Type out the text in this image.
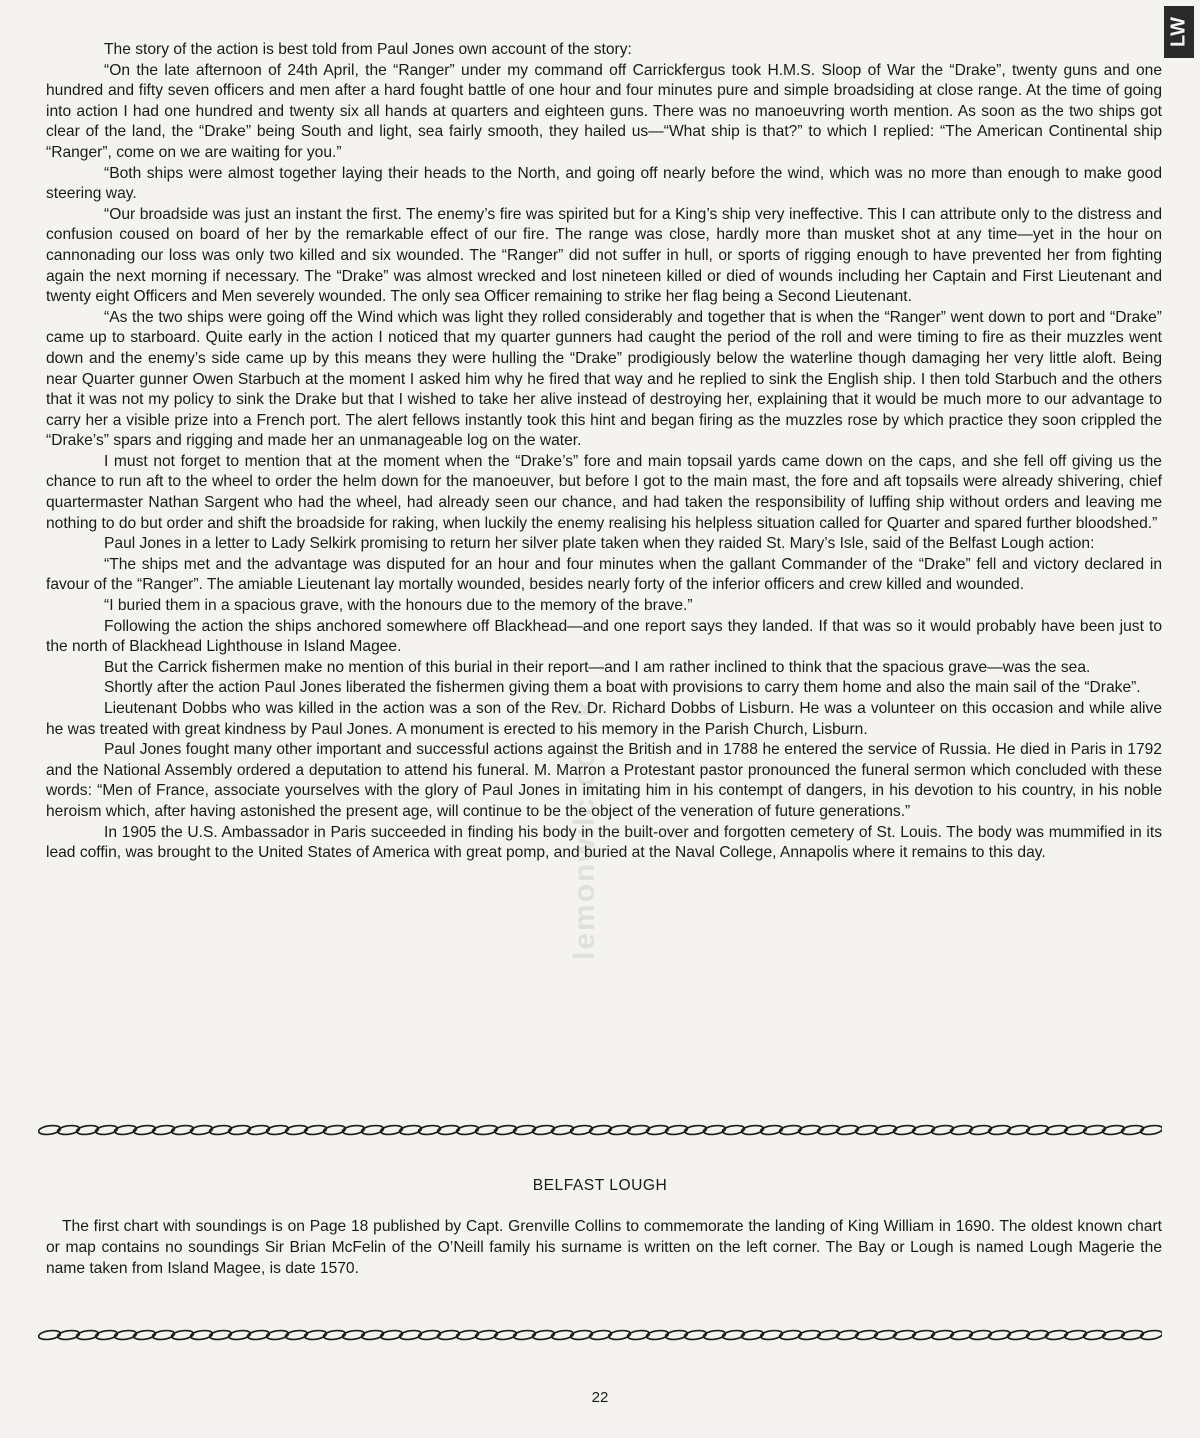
LW
lemonwilc.co.uk

The story of the action is best told from Paul Jones own account of the story:

“On the late afternoon of 24th April, the “Ranger” under my command off Carrickfergus took H.M.S. Sloop of War the “Drake”, twenty guns and one hundred and fifty seven officers and men after a hard fought battle of one hour and four minutes pure and simple broadsiding at close range. At the time of going into action I had one hundred and twenty six all hands at quarters and eighteen guns. There was no manoeuvring worth mention. As soon as the two ships got clear of the land, the “Drake” being South and light, sea fairly smooth, they hailed us—“What ship is that?” to which I replied: “The American Continental ship “Ranger”, come on we are waiting for you.”

“Both ships were almost together laying their heads to the North, and going off nearly before the wind, which was no more than enough to make good steering way.

“Our broadside was just an instant the first. The enemy’s fire was spirited but for a King’s ship very ineffective. This I can attribute only to the distress and confusion coused on board of her by the remarkable effect of our fire. The range was close, hardly more than musket shot at any time—yet in the hour on cannonading our loss was only two killed and six wounded. The “Ranger” did not suffer in hull, or sports of rigging enough to have prevented her from fighting again the next morning if necessary. The “Drake” was almost wrecked and lost nineteen killed or died of wounds including her Captain and First Lieutenant and twenty eight Officers and Men severely wounded. The only sea Officer remaining to strike her flag being a Second Lieutenant.

“As the two ships were going off the Wind which was light they rolled considerably and together that is when the “Ranger” went down to port and “Drake” came up to starboard. Quite early in the action I noticed that my quarter gunners had caught the period of the roll and were timing to fire as their muzzles went down and the enemy’s side came up by this means they were hulling the “Drake” prodigiously below the waterline though damaging her very little aloft. Being near Quarter gunner Owen Starbuch at the moment I asked him why he fired that way and he replied to sink the English ship. I then told Starbuch and the others that it was not my policy to sink the Drake but that I wished to take her alive instead of destroying her, explaining that it would be much more to our advantage to carry her a visible prize into a French port. The alert fellows instantly took this hint and began firing as the muzzles rose by which practice they soon crippled the “Drake’s” spars and rigging and made her an unmanageable log on the water.

I must not forget to mention that at the moment when the “Drake’s” fore and main topsail yards came down on the caps, and she fell off giving us the chance to run aft to the wheel to order the helm down for the manoeuver, but before I got to the main mast, the fore and aft topsails were already shivering, chief quartermaster Nathan Sargent who had the wheel, had already seen our chance, and had taken the responsibility of luffing ship without orders and leaving me nothing to do but order and shift the broadside for raking, when luckily the enemy realising his helpless situation called for Quarter and spared further bloodshed.”

Paul Jones in a letter to Lady Selkirk promising to return her silver plate taken when they raided St. Mary’s Isle, said of the Belfast Lough action:

“The ships met and the advantage was disputed for an hour and four minutes when the gallant Commander of the “Drake” fell and victory declared in favour of the “Ranger”. The amiable Lieutenant lay mortally wounded, besides nearly forty of the inferior officers and crew killed and wounded.

“I buried them in a spacious grave, with the honours due to the memory of the brave.”

Following the action the ships anchored somewhere off Blackhead—and one report says they landed. If that was so it would probably have been just to the north of Blackhead Lighthouse in Island Magee.

But the Carrick fishermen make no mention of this burial in their report—and I am rather inclined to think that the spacious grave—was the sea.

Shortly after the action Paul Jones liberated the fishermen giving them a boat with provisions to carry them home and also the main sail of the “Drake”.

Lieutenant Dobbs who was killed in the action was a son of the Rev. Dr. Richard Dobbs of Lisburn. He was a volunteer on this occasion and while alive he was treated with great kindness by Paul Jones. A monument is erected to his memory in the Parish Church, Lisburn.

Paul Jones fought many other important and successful actions against the British and in 1788 he entered the service of Russia. He died in Paris in 1792 and the National Assembly ordered a deputation to attend his funeral. M. Marron a Protestant pastor pronounced the funeral sermon which concluded with these words: “Men of France, associate yourselves with the glory of Paul Jones in imitating him in his contempt of dangers, in his devotion to his country, in his noble heroism which, after having astonished the present age, will continue to be the object of the veneration of future generations.”

In 1905 the U.S. Ambassador in Paris succeeded in finding his body in the built-over and forgotten cemetery of St. Louis. The body was mummified in its lead coffin, was brought to the United States of America with great pomp, and buried at the Naval College, Annapolis where it remains to this day.

BELFAST LOUGH

The first chart with soundings is on Page 18 published by Capt. Grenville Collins to commemorate the landing of King William in 1690. The oldest known chart or map contains no soundings Sir Brian McFelin of the O’Neill family his surname is written on the left corner. The Bay or Lough is named Lough Magerie the name taken from Island Magee, is date 1570.

22
